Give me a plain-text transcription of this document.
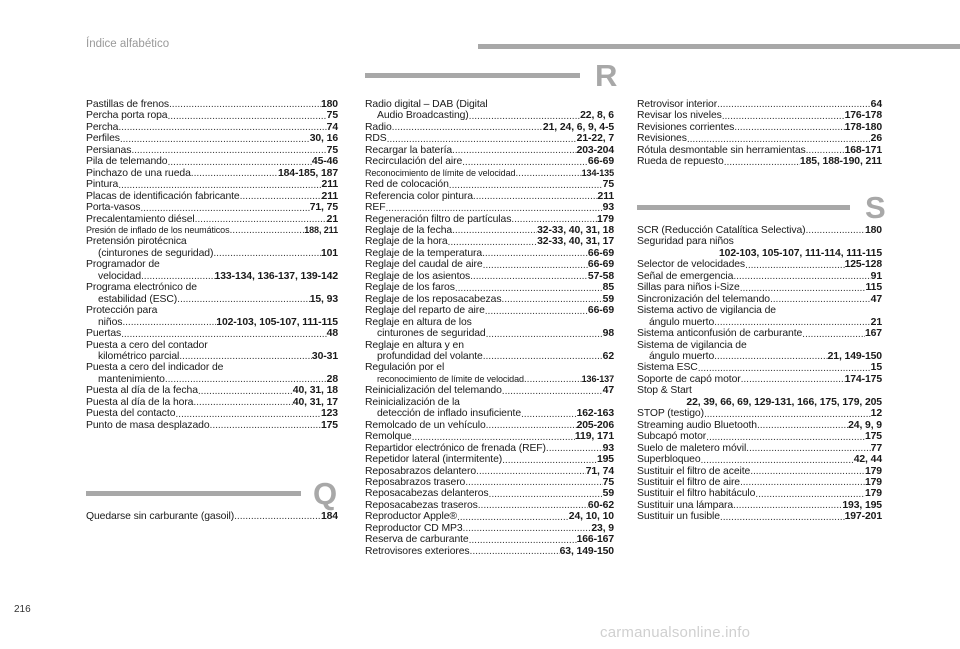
Índice alfabético
R
Q
S
Pastillas de frenos .....	180
Percha porta ropa .....	75
Percha .....	74
Perfiles .....	30, 16
Persianas .....	75
Pila de telemando .....	45-46
Pinchazo de una rueda .....	184-185, 187
Pintura .....	211
Placas de identificación fabricante .....	211
Porta-vasos .....	71, 75
Precalentamiento diésel .....	21
Presión de inflado de los neumáticos .....	188, 211
Pretensión pirotécnica
(cinturones de seguridad) .....	101
Programador de
velocidad .....	133-134, 136-137, 139-142
Programa electrónico de
estabilidad (ESC) .....	15, 93
Protección para
niños .....	102-103, 105-107, 111-115
Puertas .....	48
Puesta a cero del contador
kilométrico parcial .....	30-31
Puesta a cero del indicador de
mantenimiento .....	28
Puesta al día de la fecha .....	40, 31, 18
Puesta al día de la hora .....	40, 31, 17
Puesta del contacto .....	123
Punto de masa desplazado .....	175
Quedarse sin carburante (gasoil) .....	184
Radio digital – DAB (Digital
Audio Broadcasting) .....	22, 8, 6
Radio .....	21, 24, 6, 9, 4-5
RDS .....	21-22, 7
Recargar la batería .....	203-204
Recirculación del aire .....	66-69
Reconocimiento de límite de velocidad .....	134-135
Red de colocación .....	75
Referencia color pintura .....	211
REF .....	93
Regeneración filtro de partículas .....	179
Reglaje de la fecha .....	32-33, 40, 31, 18
Reglaje de la hora .....	32-33, 40, 31, 17
Reglaje de la temperatura .....	66-69
Reglaje del caudal de aire .....	66-69
Reglaje de los asientos .....	57-58
Reglaje de los faros .....	85
Reglaje de los reposacabezas .....	59
Reglaje del reparto de aire .....	66-69
Reglaje en altura de los
cinturones de seguridad .....	98
Reglaje en altura y en
profundidad del volante .....	62
Regulación por el
reconocimiento de límite de velocidad .....	136-137
Reinicialización del telemando .....	47
Reinicialización de la
detección de inflado insuficiente .....	162-163
Remolcado de un vehículo .....	205-206
Remolque .....	119, 171
Repartidor electrónico de frenada (REF) .....	93
Repetidor lateral (intermitente) .....	195
Reposabrazos delantero .....	71, 74
Reposabrazos trasero .....	75
Reposacabezas delanteros .....	59
Reposacabezas traseros .....	60-62
Reproductor Apple® .....	24, 10, 10
Reproductor CD MP3 .....	23, 9
Reserva de carburante .....	166-167
Retrovisores exteriores .....	63, 149-150
Retrovisor interior .....	64
Revisar los niveles .....	176-178
Revisiones corrientes .....	178-180
Revisiones .....	26
Rótula desmontable sin herramientas .....	168-171
Rueda de repuesto .....	185, 188-190, 211
SCR (Reducción Catalítica Selectiva) .....	180
Seguridad para niños
102-103, 105-107, 111-114, 111-115
Selector de velocidades .....	125-128
Señal de emergencia .....	91
Sillas para niños i-Size .....	115
Sincronización del telemando .....	47
Sistema activo de vigilancia de
ángulo muerto .....	21
Sistema anticonfusión de carburante .....	167
Sistema de vigilancia de
ángulo muerto .....	21, 149-150
Sistema ESC .....	15
Soporte de capó motor .....	174-175
Stop & Start
22, 39, 66, 69, 129-131, 166, 175, 179, 205
STOP (testigo) .....	12
Streaming audio Bluetooth .....	24, 9, 9
Subcapó motor .....	175
Suelo de maletero móvil .....	77
Superbloqueo .....	42, 44
Sustituir el filtro de aceite .....	179
Sustituir el filtro de aire .....	179
Sustituir el filtro habitáculo .....	179
Sustituir una lámpara .....	193, 195
Sustituir un fusible .....	197-201
216
carmanualsonline.info
